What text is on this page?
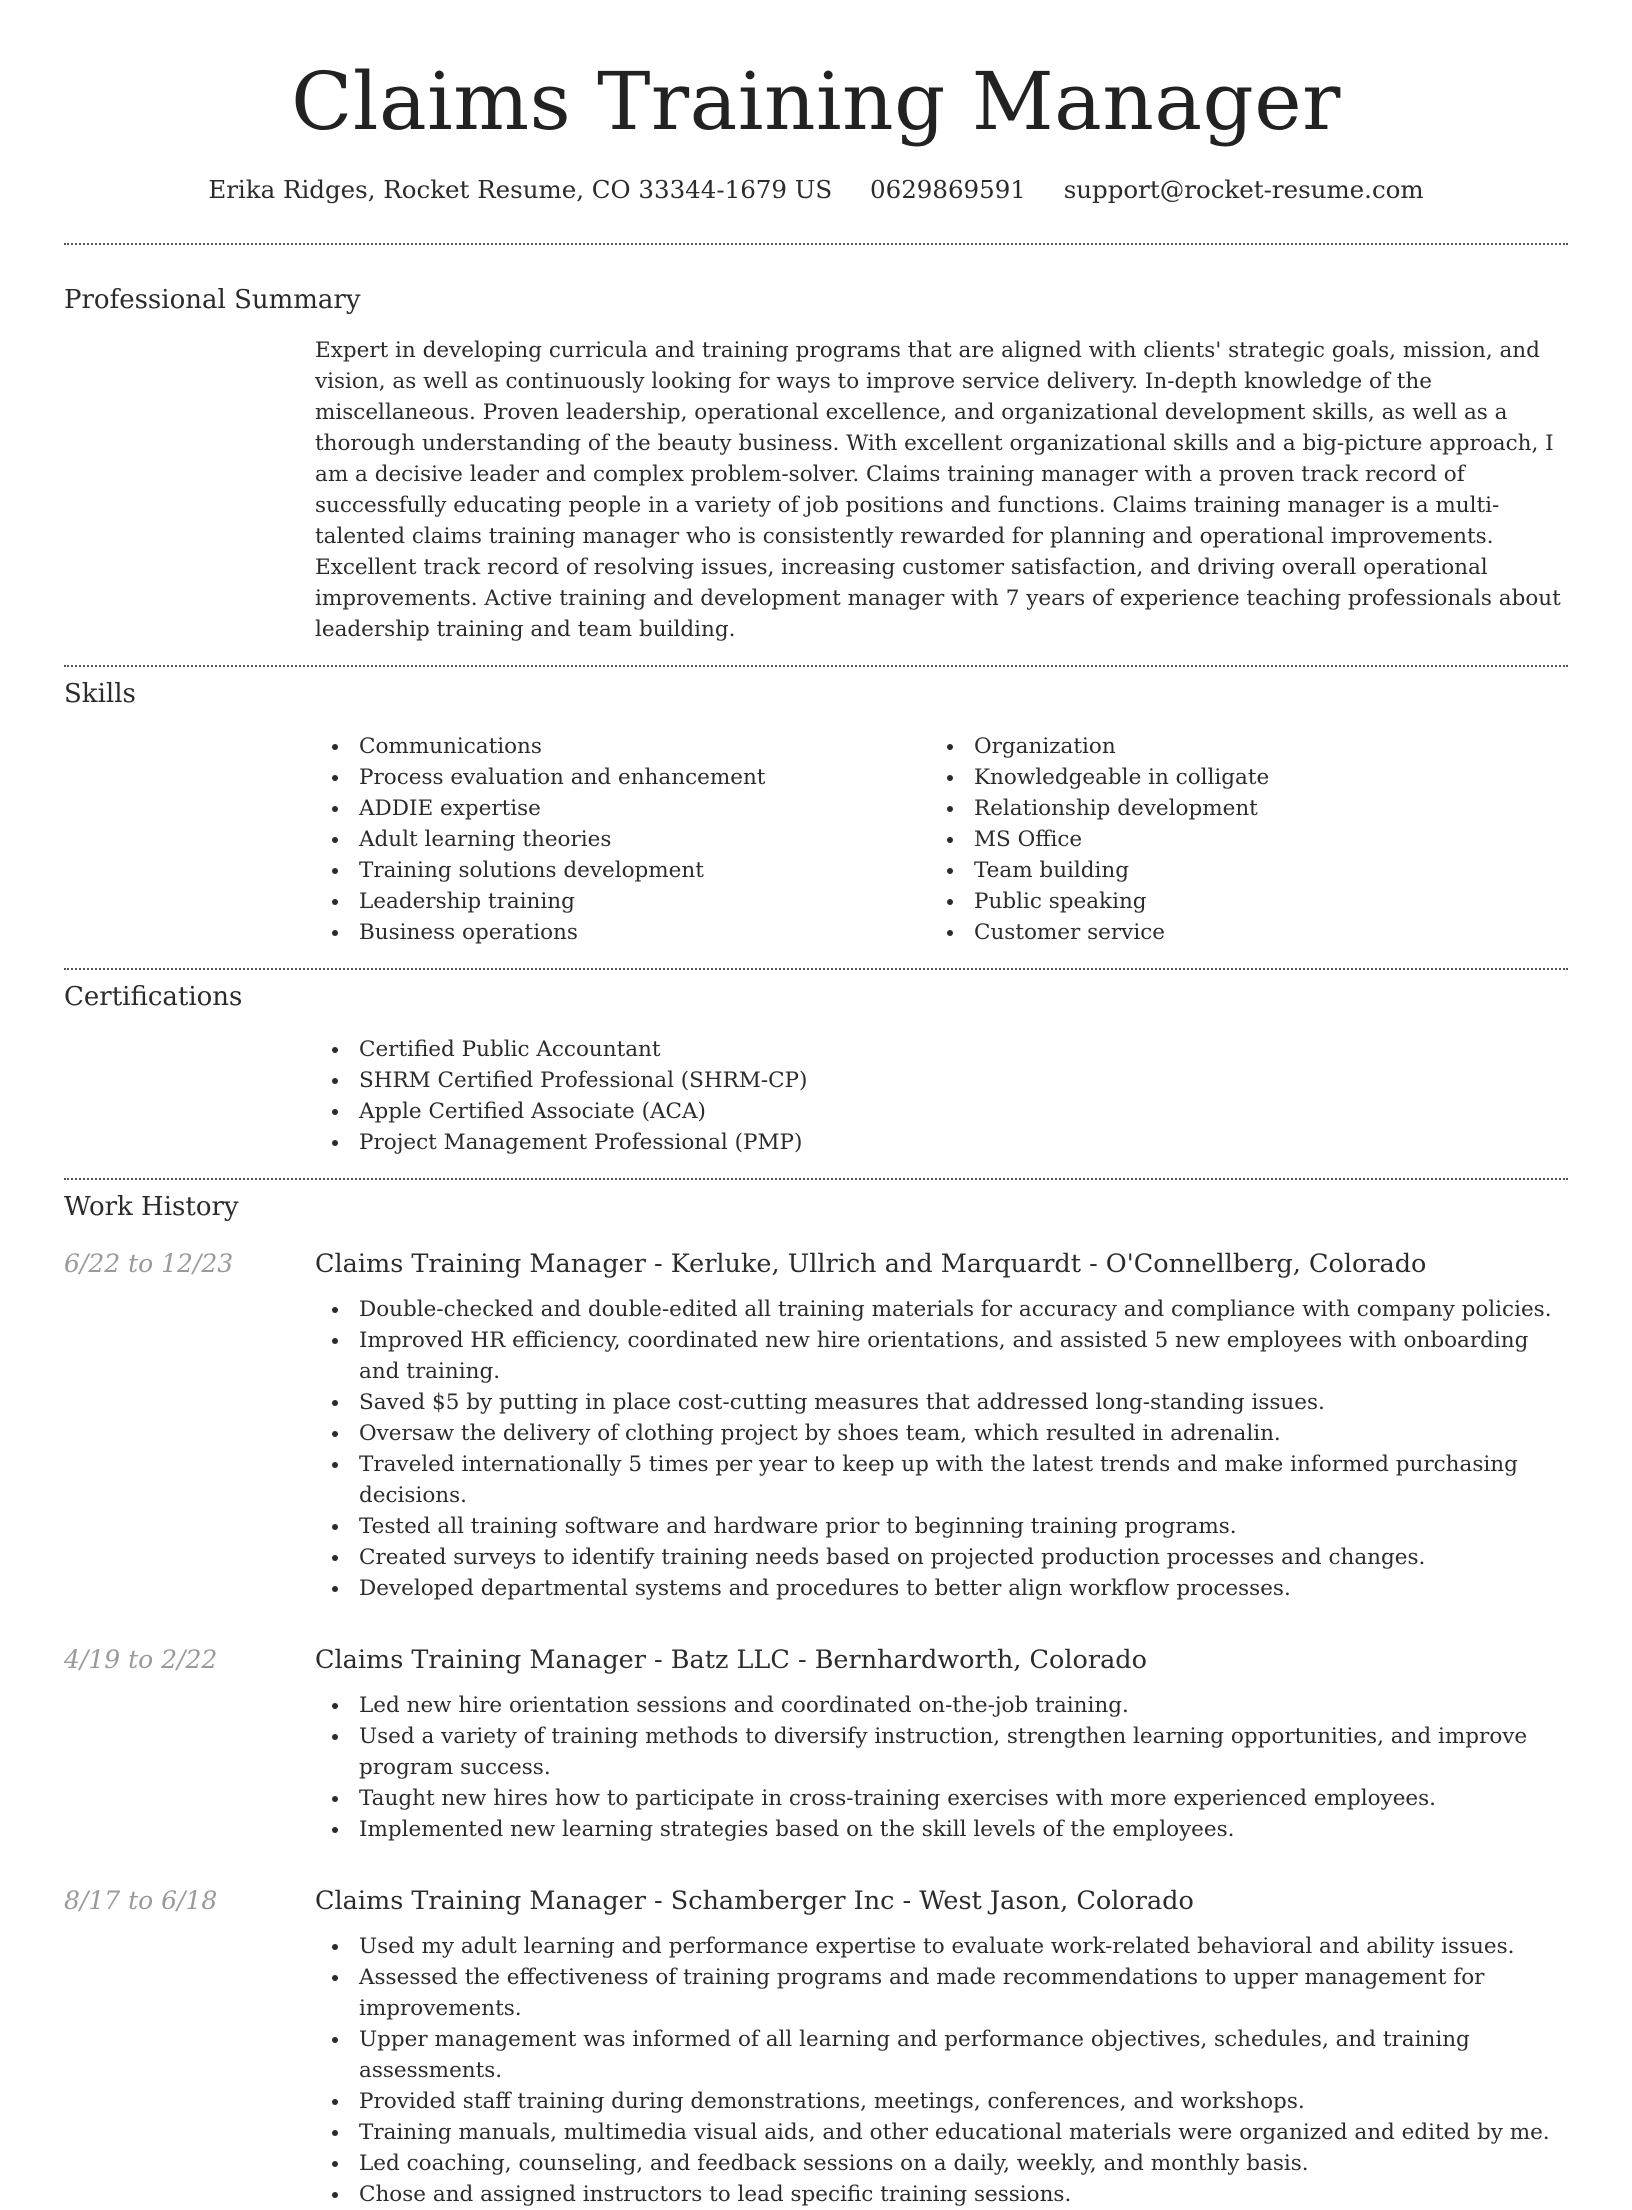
Claims Training Manager
Erika Ridges, Rocket Resume, CO 33344-1679 US 0629869591 support@rocket-resume.com
Professional Summary

Expert in developing curricula and training programs that are aligned with clients' strategic goals, mission, and vision, as well as continuously looking for ways to improve service delivery. In-depth knowledge of the miscellaneous. Proven leadership, operational excellence, and organizational development skills, as well as a thorough understanding of the beauty business. With excellent organizational skills and a big-picture approach, I am a decisive leader and complex problem-solver. Claims training manager with a proven track record of successfully educating people in a variety of job positions and functions. Claims training manager is a multi-talented claims training manager who is consistently rewarded for planning and operational improvements. Excellent track record of resolving issues, increasing customer satisfaction, and driving overall operational improvements. Active training and development manager with 7 years of experience teaching professionals about leadership training and team building.

Skills
Communications
Process evaluation and enhancement
ADDIE expertise
Adult learning theories
Training solutions development
Leadership training
Business operations
Organization
Knowledgeable in colligate
Relationship development
MS Office
Team building
Public speaking
Customer service
Certifications
Certified Public Accountant
SHRM Certified Professional (SHRM-CP)
Apple Certified Associate (ACA)
Project Management Professional (PMP)
Work History
6/22 to 12/23	Claims Training Manager - Kerluke, Ullrich and Marquardt - O'Connellberg, Colorado
Double-checked and double-edited all training materials for accuracy and compliance with company policies.
Improved HR efficiency, coordinated new hire orientations, and assisted 5 new employees with onboarding and training.
Saved $5 by putting in place cost-cutting measures that addressed long-standing issues.
Oversaw the delivery of clothing project by shoes team, which resulted in adrenalin.
Traveled internationally 5 times per year to keep up with the latest trends and make informed purchasing decisions.
Tested all training software and hardware prior to beginning training programs.
Created surveys to identify training needs based on projected production processes and changes.
Developed departmental systems and procedures to better align workflow processes.
4/19 to 2/22	Claims Training Manager - Batz LLC - Bernhardworth, Colorado
Led new hire orientation sessions and coordinated on-the-job training.
Used a variety of training methods to diversify instruction, strengthen learning opportunities, and improve program success.
Taught new hires how to participate in cross-training exercises with more experienced employees.
Implemented new learning strategies based on the skill levels of the employees.
8/17 to 6/18	Claims Training Manager - Schamberger Inc - West Jason, Colorado
Used my adult learning and performance expertise to evaluate work-related behavioral and ability issues.
Assessed the effectiveness of training programs and made recommendations to upper management for improvements.
Upper management was informed of all learning and performance objectives, schedules, and training assessments.
Provided staff training during demonstrations, meetings, conferences, and workshops.
Training manuals, multimedia visual aids, and other educational materials were organized and edited by me.
Led coaching, counseling, and feedback sessions on a daily, weekly, and monthly basis.
Chose and assigned instructors to lead specific training sessions.
